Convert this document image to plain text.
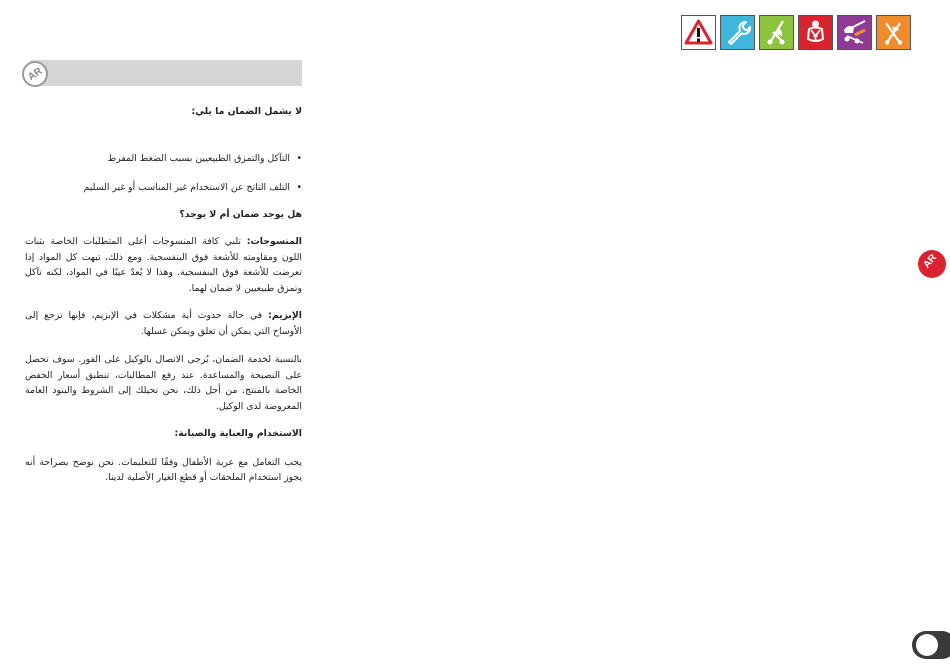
AR
AR

لا يشمل الضمان ما يلي:

• التآكل والتمزق الطبيعيين بسبب الضغط المفرط

• التلف الناتج عن الاستخدام غير المناسب أو غير السليم

هل يوجد ضمان أم لا يوجد؟

المنسوجات: تلبي كافة المنسوجات أعلى المتطلبات الخاصة بثبات اللون ومقاومته للأشعة فوق البنفسجية. ومع ذلك، تبهت كل المواد إذا تعرضت للأشعة فوق البنفسجية. وهذا لا يُعدّ عيبًا في المواد، لكنه تآكل وتمزق طبيعيين لا ضمان لهما.

الإبزيم: في حالة حدوث أية مشكلات في الإبزيم، فإنها ترجع إلى الأوساخ التي يمكن أن تعلق ويمكن غسلها.

بالنسبة لخدمة الضمان، يُرجى الاتصال بالوكيل على الفور. سوف تحصل على النصيحة والمساعدة. عند رفع المطالبات، تنطبق أسعار الخفض الخاصة بالمنتج. من أجل ذلك، نحن نحيلك إلى الشروط والبنود العامة المعروضة لدى الوكيل.

الاستخدام والعناية والصيانة:

يجب التعامل مع عربة الأطفال وفقًا للتعليمات. نحن نوضح بصراحة أنه يجوز استخدام الملحقات أو قطع الغيار الأصلية لدينا.
